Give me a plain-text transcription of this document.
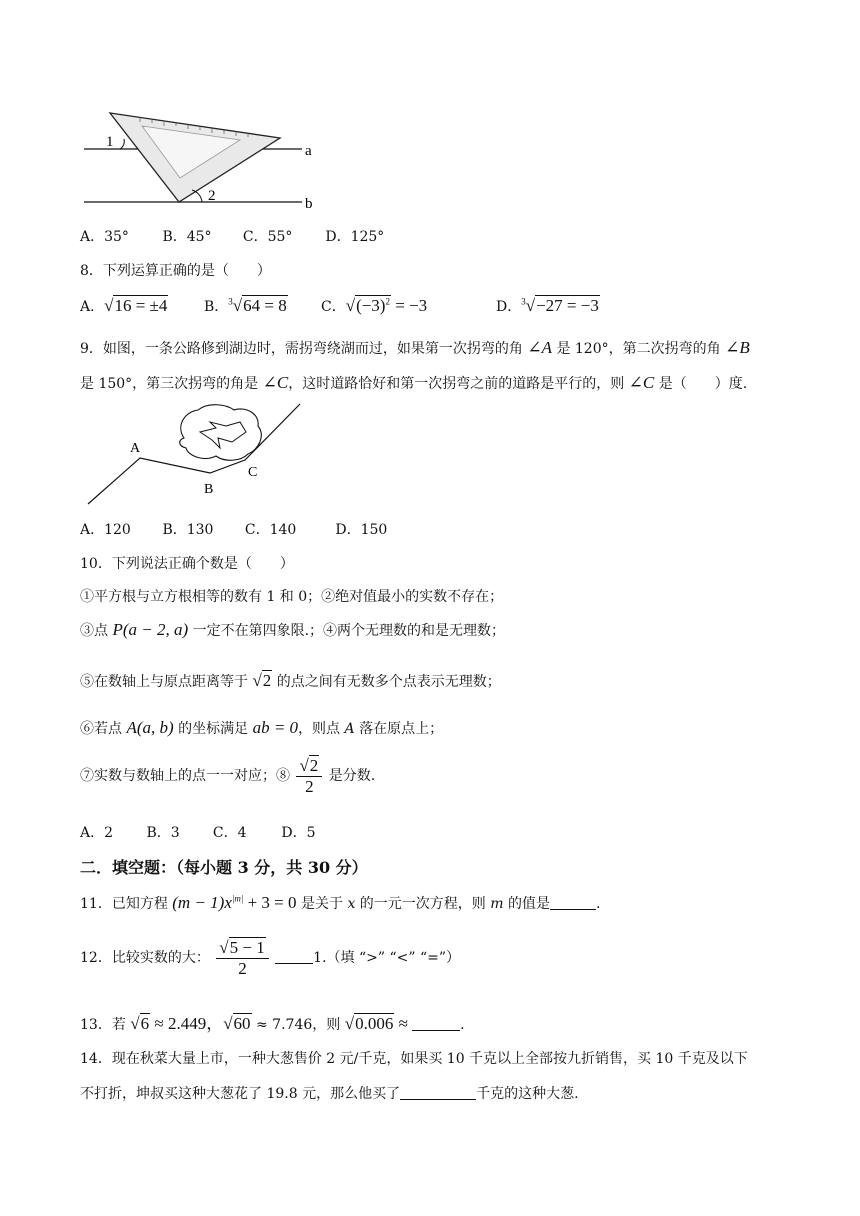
1
2
a
b
A．35° B．45° C．55° D．125°
8．下列运算正确的是（　　）
A．√16 = ±4	B．$^3$√64 = 8 C．$√(-3)^2 = -3$	D．$^3$√−27 = −3
9．如图，一条公路修到湖边时，需拐弯绕湖而过，如果第一次拐弯的角 ∠A 是 120°，第二次拐弯的角 ∠B
是 150°，第三次拐弯的角是 ∠C，这时道路恰好和第一次拐弯之前的道路是平行的，则 ∠C 是（　　）度.
A
B
C
A．120 B．130 C．140	D．150
10．下列说法正确个数是（　　）
①平方根与立方根相等的数有 1 和 0；②绝对值最小的实数不存在；
③点 P(a − 2, a) 一定不在第四象限.；④两个无理数的和是无理数；
⑤在数轴上与原点距离等于 √2 的点之间有无数多个点表示无理数；
⑥若点 A(a, b) 的坐标满足 ab = 0，则点 A 落在原点上；
⑦实数与数轴上的点一一对应；⑧ $\frac{√2}{2}$ 是分数.
A．2 B．3 C．4 D．5
二．填空题：（每小题 3 分，共 30 分）
11．已知方程 $(m - 1)x^{|m|} + 3 = 0$ 是关于 x 的一元一次方程，则 m 的值是	.
12．比较实数的大： $\frac{√5 - 1}{2}$	1.（填 “>” “<” “=”）
13．若 √6 ≈ 2.449，√60 ≈ 7.746，则 √0.006 ≈	.
14．现在秋菜大量上市，一种大葱售价 2 元/千克，如果买 10 千克以上全部按九折销售，买 10 千克及以下
不打折，坤叔买这种大葱花了 19.8 元，那么他买了	千克的这种大葱.
